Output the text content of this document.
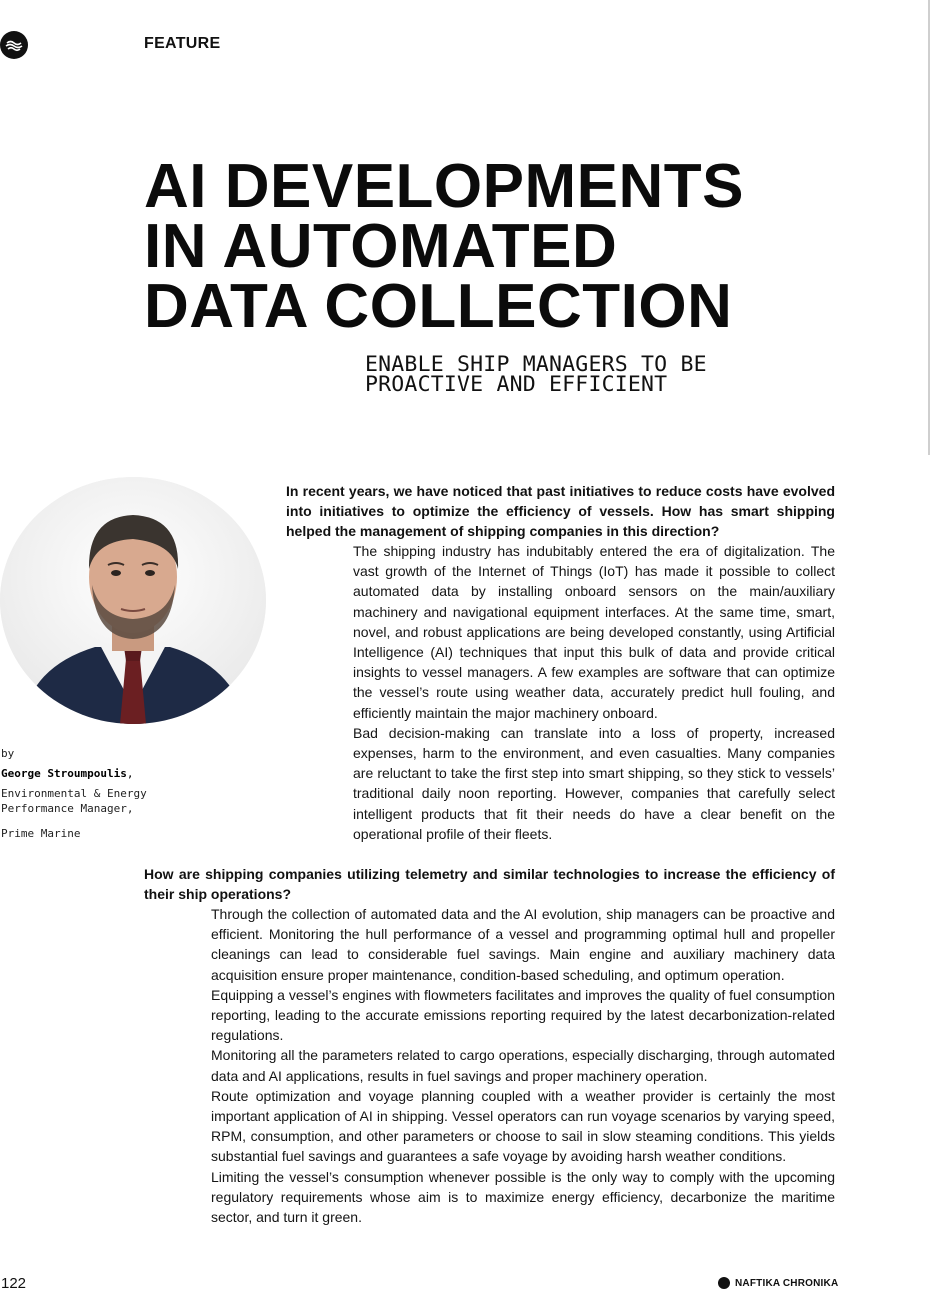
FEATURE
AI DEVELOPMENTS
IN AUTOMATED
DATA COLLECTION
ENABLE SHIP MANAGERS TO BE
PROACTIVE AND EFFICIENT
by
George Stroumpoulis,
Environmental & Energy
Performance Manager,
Prime Marine

In recent years, we have noticed that past initiatives to reduce costs have evolved into initiatives to optimize the efficiency of vessels. How has smart shipping helped the management of shipping companies in this direction?

The shipping industry has indubitably entered the era of digitalization. The vast growth of the Internet of Things (IoT) has made it possible to collect automated data by installing onboard sensors on the main/auxiliary machinery and navigational equipment interfaces. At the same time, smart, novel, and robust applications are being developed constantly, using Artificial Intelligence (AI) techniques that input this bulk of data and provide critical insights to vessel managers. A few examples are software that can optimize the vessel’s route using weather data, accurately predict hull fouling, and efficiently maintain the major machinery onboard.

Bad decision-making can translate into a loss of property, increased expenses, harm to the environment, and even casualties. Many companies are reluctant to take the first step into smart shipping, so they stick to vessels’ traditional daily noon reporting. However, companies that carefully select intelligent products that fit their needs do have a clear benefit on the operational profile of their fleets.

How are shipping companies utilizing telemetry and similar technologies to increase the efficiency of their ship operations?

Through the collection of automated data and the AI evolution, ship managers can be proactive and efficient. Monitoring the hull performance of a vessel and programming optimal hull and propeller cleanings can lead to considerable fuel savings. Main engine and auxiliary machinery data acquisition ensure proper maintenance, condition-based scheduling, and optimum operation.

Equipping a vessel’s engines with flowmeters facilitates and improves the quality of fuel consumption reporting, leading to the accurate emissions reporting required by the latest decarbonization-related regulations.

Monitoring all the parameters related to cargo operations, especially discharging, through automated data and AI applications, results in fuel savings and proper machinery operation.

Route optimization and voyage planning coupled with a weather provider is certainly the most important application of AI in shipping. Vessel operators can run voyage scenarios by varying speed, RPM, consumption, and other parameters or choose to sail in slow steaming conditions. This yields substantial fuel savings and guarantees a safe voyage by avoiding harsh weather conditions.

Limiting the vessel’s consumption whenever possible is the only way to comply with the upcoming regulatory requirements whose aim is to maximize energy efficiency, decarbonize the maritime sector, and turn it green.

122	NAFTIKA CHRONIKA
